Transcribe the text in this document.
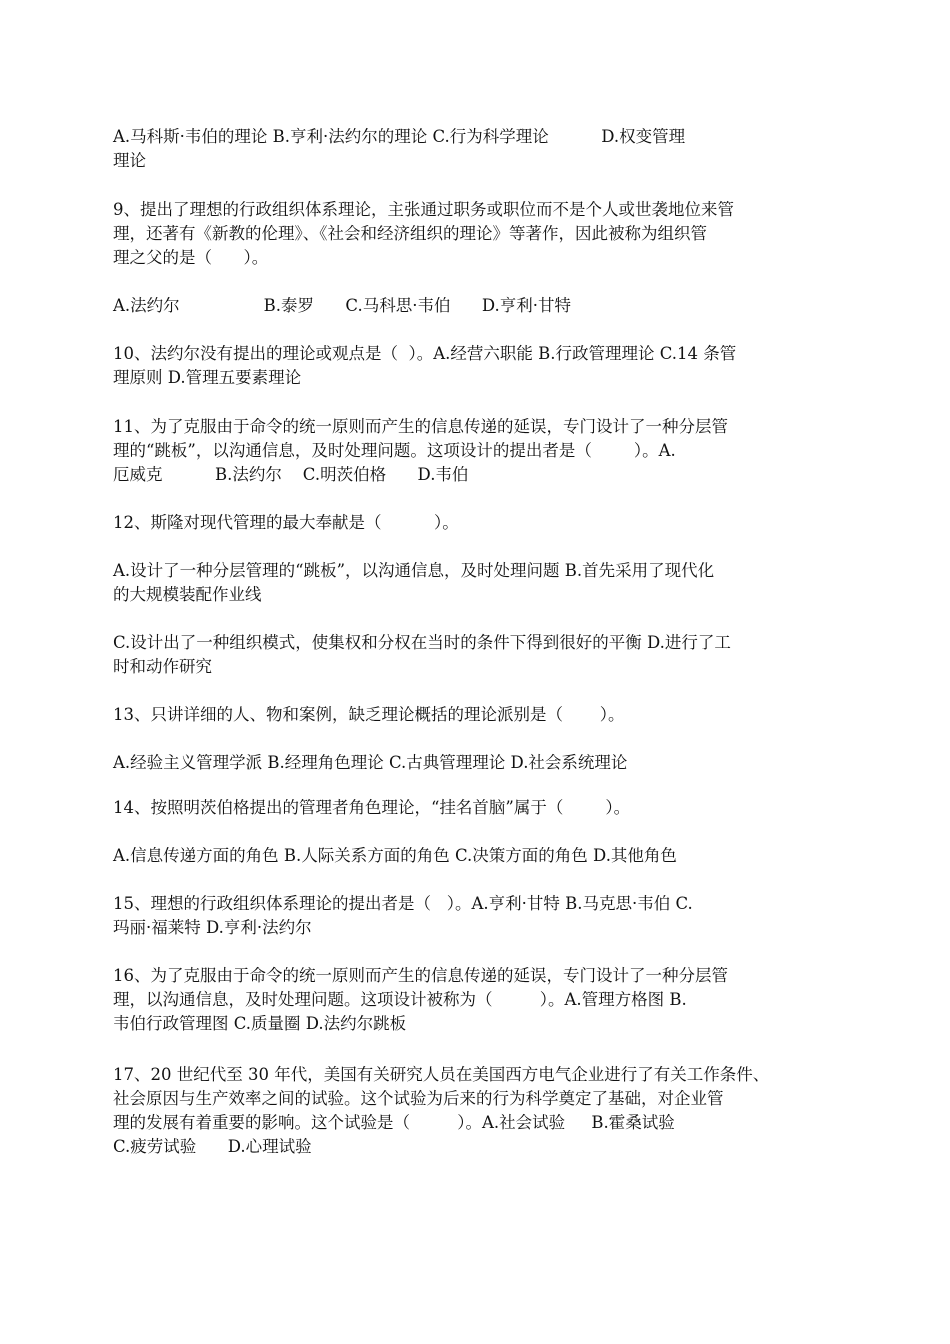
A.马科斯·韦伯的理论 B.亨利·法约尔的理论 C.行为科学理论          D.权变管理
理论

9、提出了理想的行政组织体系理论，主张通过职务或职位而不是个人或世袭地位来管
理，还著有《新教的伦理》、《社会和经济组织的理论》等著作，因此被称为组织管
理之父的是（      ）。

A.法约尔                B.泰罗      C.马科思·韦伯      D.亨利·甘特

10、法约尔没有提出的理论或观点是（  ）。A.经营六职能 B.行政管理理论 C.14 条管
理原则 D.管理五要素理论

11、为了克服由于命令的统一原则而产生的信息传递的延误，专门设计了一种分层管
理的“跳板”，以沟通信息，及时处理问题。这项设计的提出者是（        ）。A.
厄威克          B.法约尔    C.明茨伯格      D.韦伯

12、斯隆对现代管理的最大奉献是（          ）。

A.设计了一种分层管理的“跳板”，以沟通信息，及时处理问题 B.首先采用了现代化
的大规模装配作业线

C.设计出了一种组织模式，使集权和分权在当时的条件下得到很好的平衡 D.进行了工
时和动作研究

13、只讲详细的人、物和案例，缺乏理论概括的理论派别是（       ）。

A.经验主义管理学派 B.经理角色理论 C.古典管理理论 D.社会系统理论

14、按照明茨伯格提出的管理者角色理论，“挂名首脑”属于（        ）。

A.信息传递方面的角色 B.人际关系方面的角色 C.决策方面的角色 D.其他角色

15、理想的行政组织体系理论的提出者是（   ）。A.亨利·甘特 B.马克思·韦伯 C.
玛丽·福莱特 D.亨利·法约尔

16、为了克服由于命令的统一原则而产生的信息传递的延误，专门设计了一种分层管
理，以沟通信息，及时处理问题。这项设计被称为（         ）。A.管理方格图 B.
韦伯行政管理图 C.质量圈 D.法约尔跳板

17、20 世纪代至 30 年代，美国有关研究人员在美国西方电气企业进行了有关工作条件、
社会原因与生产效率之间的试验。这个试验为后来的行为科学奠定了基础，对企业管
理的发展有着重要的影响。这个试验是（         ）。A.社会试验     B.霍桑试验
C.疲劳试验      D.心理试验
